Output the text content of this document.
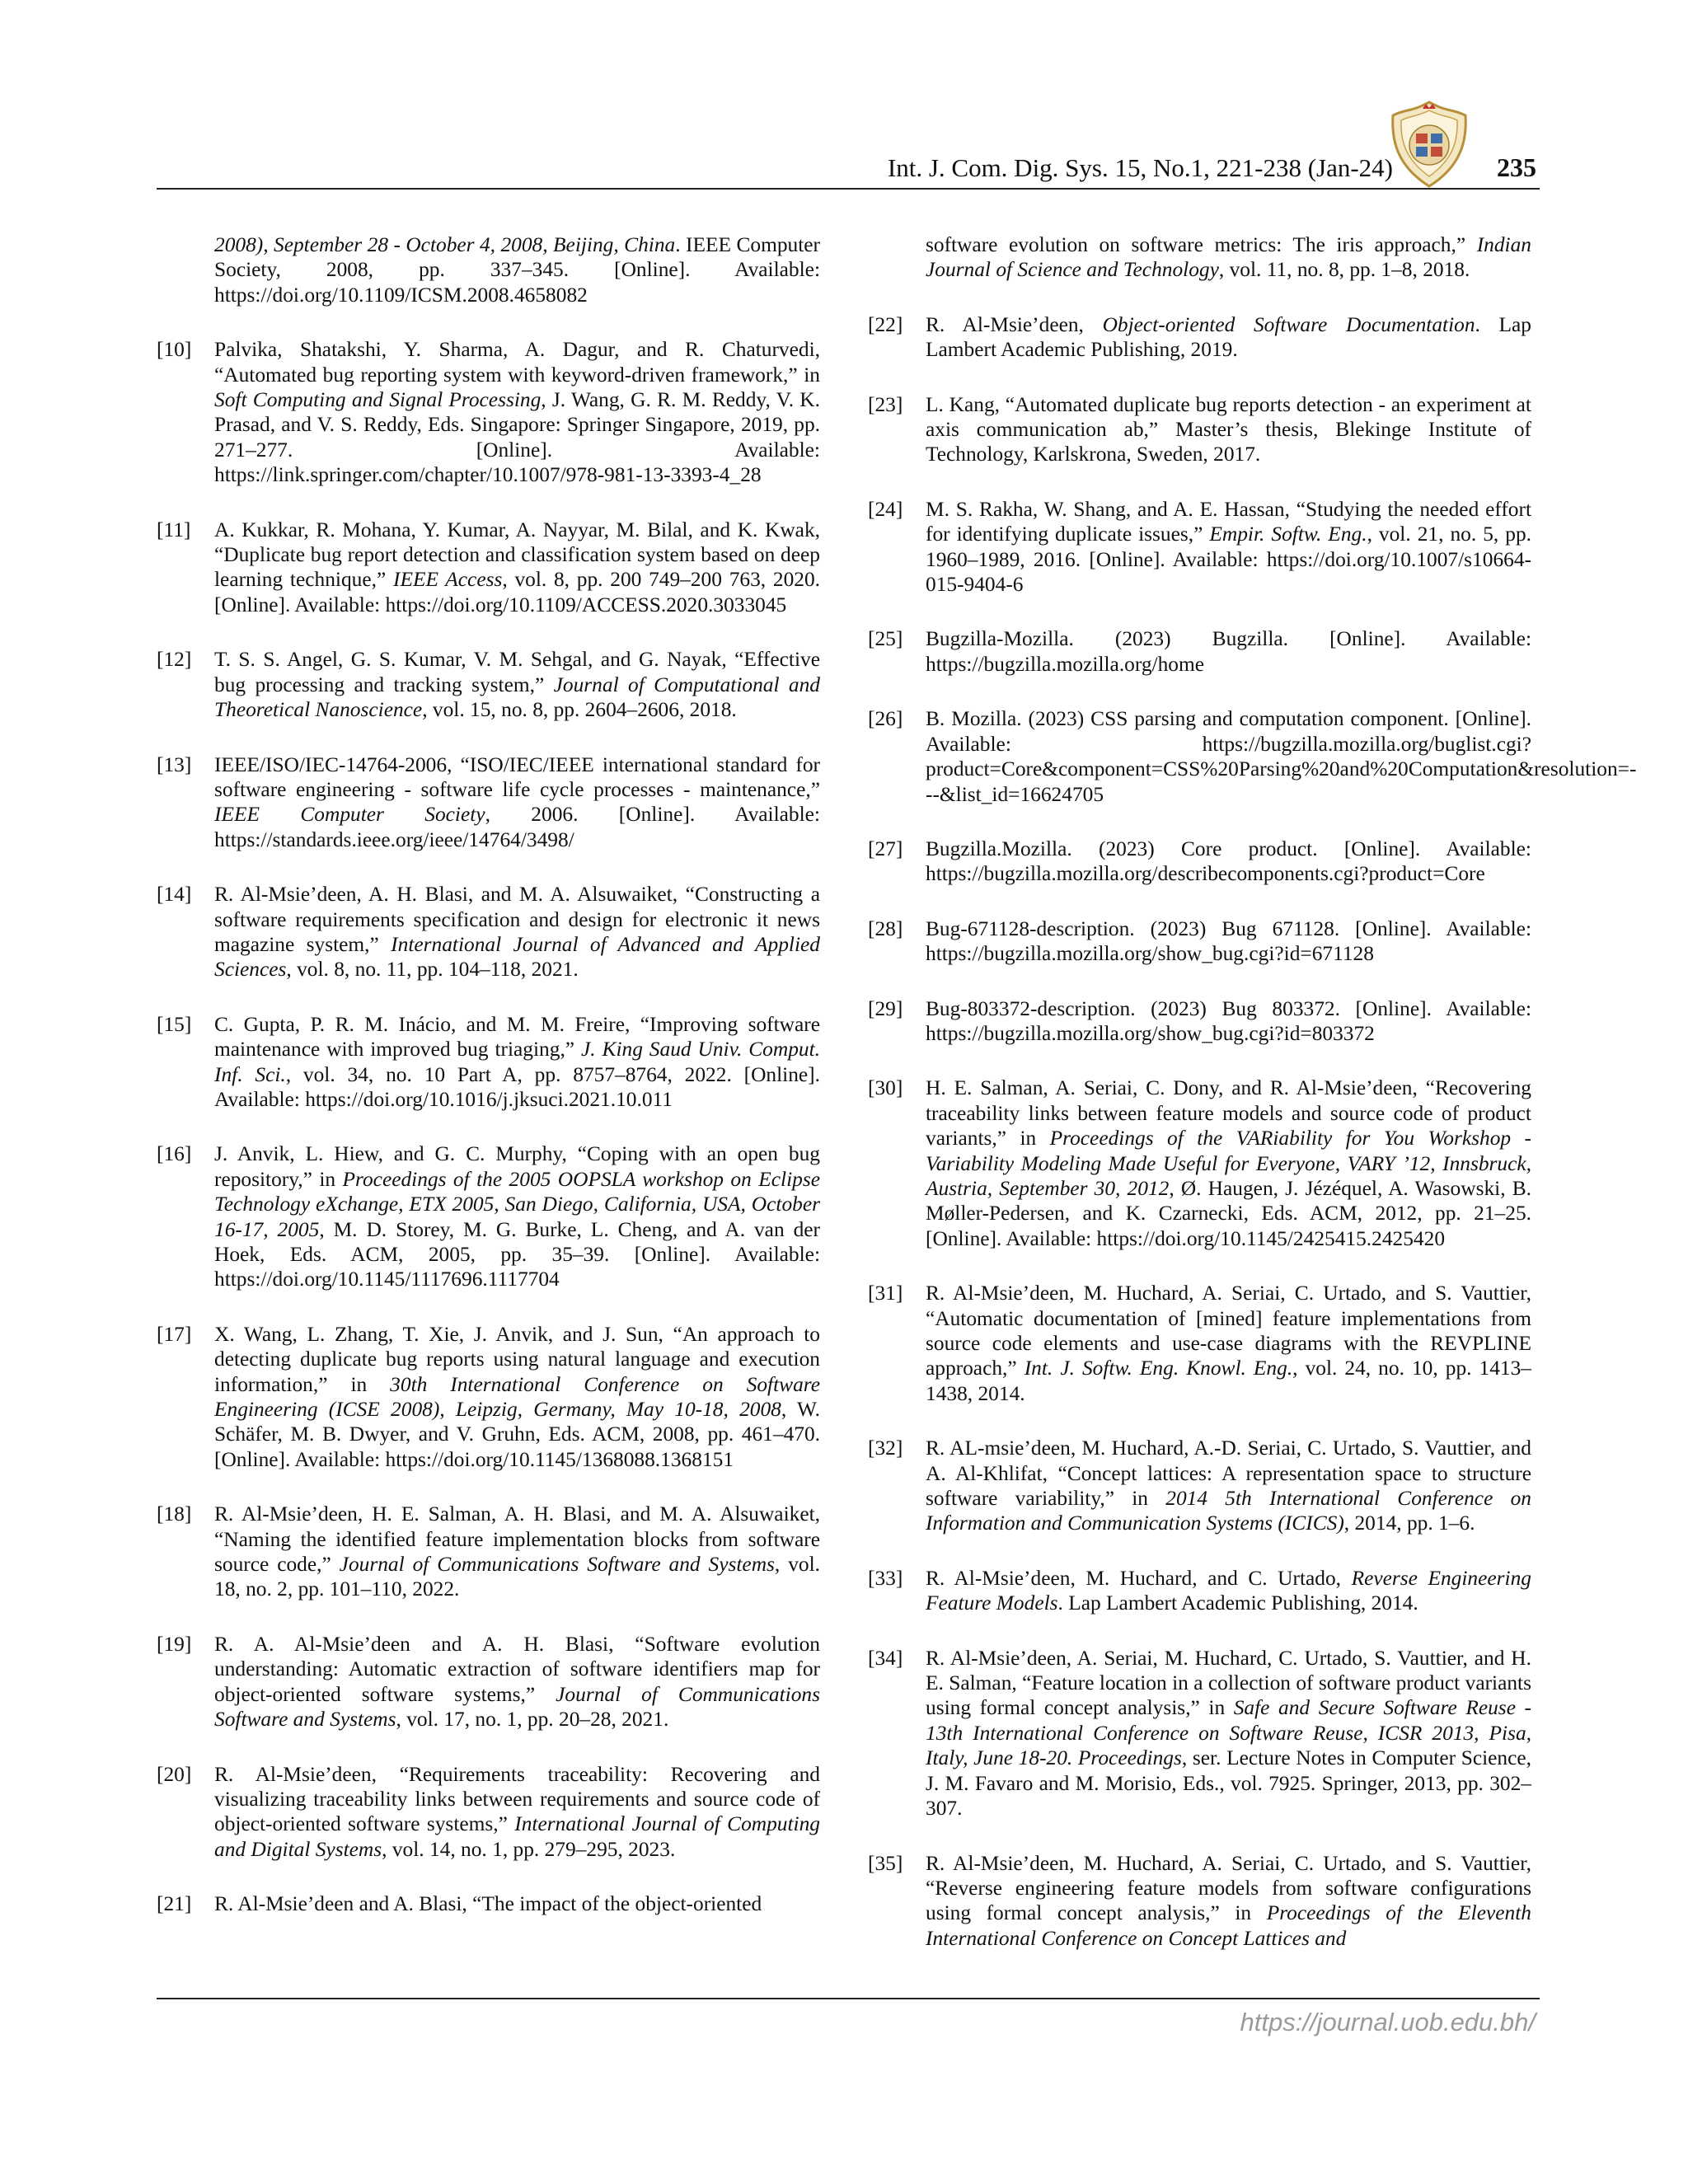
Int. J. Com. Dig. Sys. 15, No.1, 221-238 (Jan-24)	235
2008), September 28 - October 4, 2008, Beijing, China. IEEE Computer Society, 2008, pp. 337–345. [Online]. Available: https://doi.org/10.1109/ICSM.2008.4658082
[10] Palvika, Shatakshi, Y. Sharma, A. Dagur, and R. Chaturvedi, “Automated bug reporting system with keyword-driven framework,” in Soft Computing and Signal Processing, J. Wang, G. R. M. Reddy, V. K. Prasad, and V. S. Reddy, Eds. Singapore: Springer Singapore, 2019, pp. 271–277. [Online]. Available: https://link.springer.com/chapter/10.1007/978-981-13-3393-4_28
[11] A. Kukkar, R. Mohana, Y. Kumar, A. Nayyar, M. Bilal, and K. Kwak, “Duplicate bug report detection and classification system based on deep learning technique,” IEEE Access, vol. 8, pp. 200 749–200 763, 2020. [Online]. Available: https://doi.org/10.1109/ACCESS.2020.3033045
[12] T. S. S. Angel, G. S. Kumar, V. M. Sehgal, and G. Nayak, “Effective bug processing and tracking system,” Journal of Computational and Theoretical Nanoscience, vol. 15, no. 8, pp. 2604–2606, 2018.
[13] IEEE/ISO/IEC-14764-2006, “ISO/IEC/IEEE international standard for software engineering - software life cycle processes - maintenance,” IEEE Computer Society, 2006. [Online]. Available: https://standards.ieee.org/ieee/14764/3498/
[14] R. Al-Msie’deen, A. H. Blasi, and M. A. Alsuwaiket, “Constructing a software requirements specification and design for electronic it news magazine system,” International Journal of Advanced and Applied Sciences, vol. 8, no. 11, pp. 104–118, 2021.
[15] C. Gupta, P. R. M. Inácio, and M. M. Freire, “Improving software maintenance with improved bug triaging,” J. King Saud Univ. Comput. Inf. Sci., vol. 34, no. 10 Part A, pp. 8757–8764, 2022. [Online]. Available: https://doi.org/10.1016/j.jksuci.2021.10.011
[16] J. Anvik, L. Hiew, and G. C. Murphy, “Coping with an open bug repository,” in Proceedings of the 2005 OOPSLA workshop on Eclipse Technology eXchange, ETX 2005, San Diego, California, USA, October 16-17, 2005, M. D. Storey, M. G. Burke, L. Cheng, and A. van der Hoek, Eds. ACM, 2005, pp. 35–39. [Online]. Available: https://doi.org/10.1145/1117696.1117704
[17] X. Wang, L. Zhang, T. Xie, J. Anvik, and J. Sun, “An approach to detecting duplicate bug reports using natural language and execution information,” in 30th International Conference on Software Engineering (ICSE 2008), Leipzig, Germany, May 10-18, 2008, W. Schäfer, M. B. Dwyer, and V. Gruhn, Eds. ACM, 2008, pp. 461–470. [Online]. Available: https://doi.org/10.1145/1368088.1368151
[18] R. Al-Msie’deen, H. E. Salman, A. H. Blasi, and M. A. Alsuwaiket, “Naming the identified feature implementation blocks from software source code,” Journal of Communications Software and Systems, vol. 18, no. 2, pp. 101–110, 2022.
[19] R. A. Al-Msie’deen and A. H. Blasi, “Software evolution understanding: Automatic extraction of software identifiers map for object-oriented software systems,” Journal of Communications Software and Systems, vol. 17, no. 1, pp. 20–28, 2021.
[20] R. Al-Msie’deen, “Requirements traceability: Recovering and visualizing traceability links between requirements and source code of object-oriented software systems,” International Journal of Computing and Digital Systems, vol. 14, no. 1, pp. 279–295, 2023.
[21] R. Al-Msie’deen and A. Blasi, “The impact of the object-oriented
software evolution on software metrics: The iris approach,” Indian Journal of Science and Technology, vol. 11, no. 8, pp. 1–8, 2018.
[22] R. Al-Msie’deen, Object-oriented Software Documentation. Lap Lambert Academic Publishing, 2019.
[23] L. Kang, “Automated duplicate bug reports detection - an experiment at axis communication ab,” Master’s thesis, Blekinge Institute of Technology, Karlskrona, Sweden, 2017.
[24] M. S. Rakha, W. Shang, and A. E. Hassan, “Studying the needed effort for identifying duplicate issues,” Empir. Softw. Eng., vol. 21, no. 5, pp. 1960–1989, 2016. [Online]. Available: https://doi.org/10.1007/s10664-015-9404-6
[25] Bugzilla-Mozilla. (2023) Bugzilla. [Online]. Available: https://bugzilla.mozilla.org/home
[26] B. Mozilla. (2023) CSS parsing and computation component. [Online]. Available: https://bugzilla.mozilla.org/buglist.cgi?product=Core&component=CSS%20Parsing%20and%20Computation&resolution=---&list_id=16624705
[27] Bugzilla.Mozilla. (2023) Core product. [Online]. Available: https://bugzilla.mozilla.org/describecomponents.cgi?product=Core
[28] Bug-671128-description. (2023) Bug 671128. [Online]. Available: https://bugzilla.mozilla.org/show_bug.cgi?id=671128
[29] Bug-803372-description. (2023) Bug 803372. [Online]. Available: https://bugzilla.mozilla.org/show_bug.cgi?id=803372
[30] H. E. Salman, A. Seriai, C. Dony, and R. Al-Msie’deen, “Recovering traceability links between feature models and source code of product variants,” in Proceedings of the VARiability for You Workshop - Variability Modeling Made Useful for Everyone, VARY ’12, Innsbruck, Austria, September 30, 2012, Ø. Haugen, J. Jézéquel, A. Wasowski, B. Møller-Pedersen, and K. Czarnecki, Eds. ACM, 2012, pp. 21–25. [Online]. Available: https://doi.org/10.1145/2425415.2425420
[31] R. Al-Msie’deen, M. Huchard, A. Seriai, C. Urtado, and S. Vauttier, “Automatic documentation of [mined] feature implementations from source code elements and use-case diagrams with the REVPLINE approach,” Int. J. Softw. Eng. Knowl. Eng., vol. 24, no. 10, pp. 1413–1438, 2014.
[32] R. AL-msie’deen, M. Huchard, A.-D. Seriai, C. Urtado, S. Vauttier, and A. Al-Khlifat, “Concept lattices: A representation space to structure software variability,” in 2014 5th International Conference on Information and Communication Systems (ICICS), 2014, pp. 1–6.
[33] R. Al-Msie’deen, M. Huchard, and C. Urtado, Reverse Engineering Feature Models. Lap Lambert Academic Publishing, 2014.
[34] R. Al-Msie’deen, A. Seriai, M. Huchard, C. Urtado, S. Vauttier, and H. E. Salman, “Feature location in a collection of software product variants using formal concept analysis,” in Safe and Secure Software Reuse - 13th International Conference on Software Reuse, ICSR 2013, Pisa, Italy, June 18-20. Proceedings, ser. Lecture Notes in Computer Science, J. M. Favaro and M. Morisio, Eds., vol. 7925. Springer, 2013, pp. 302–307.
[35] R. Al-Msie’deen, M. Huchard, A. Seriai, C. Urtado, and S. Vauttier, “Reverse engineering feature models from software configurations using formal concept analysis,” in Proceedings of the Eleventh International Conference on Concept Lattices and
https://journal.uob.edu.bh/
